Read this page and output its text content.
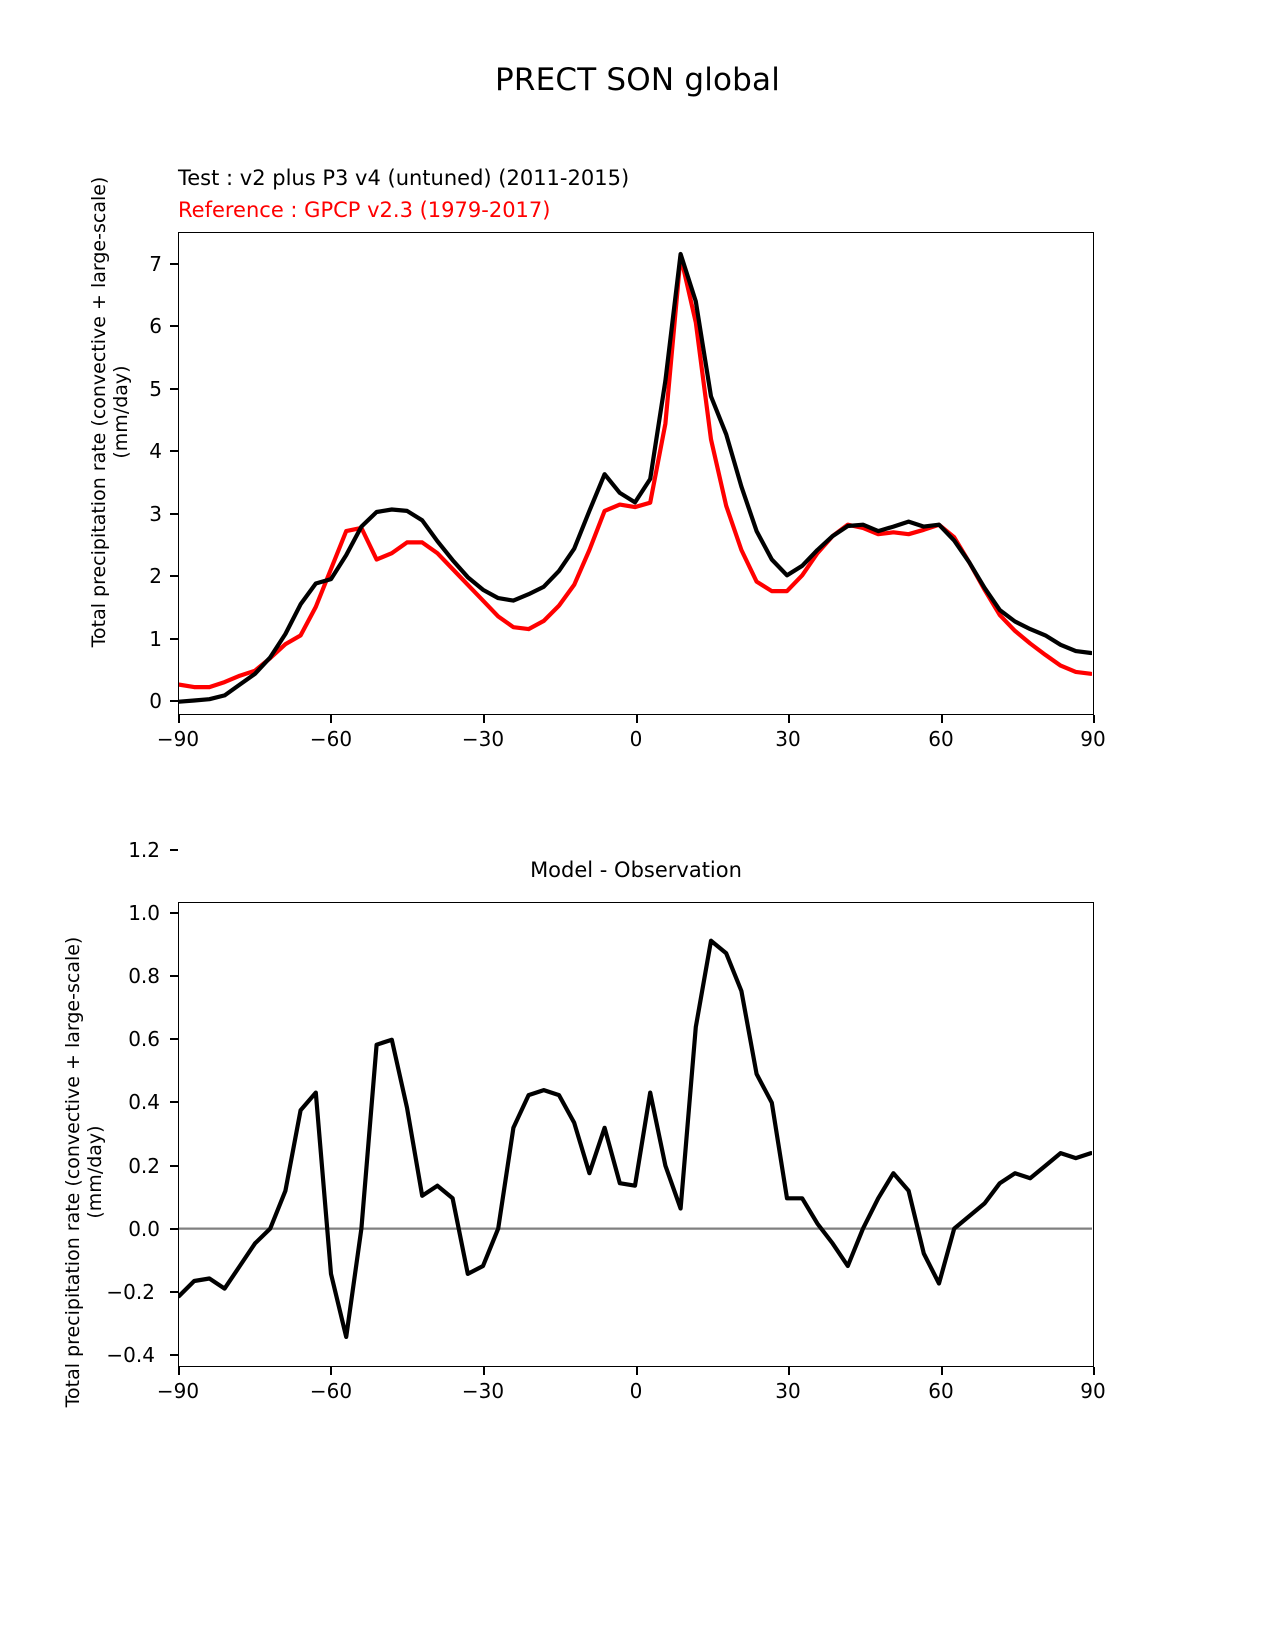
PRECT SON global
Test : v2 plus P3 v4 (untuned) (2011-2015)
Reference : GPCP v2.3 (1979-2017)
Total precipitation rate (convective + large-scale) (mm/day)
−90	−60	−30	0	30	60	90
0
1
2
3
4
5
6
7
Model - Observation
Total precipitation rate (convective + large-scale) (mm/day)
−90	−60	−30	0	30	60	90
−0.4
−0.2
0.0
0.2
0.4
0.6
0.8
1.0
1.2
